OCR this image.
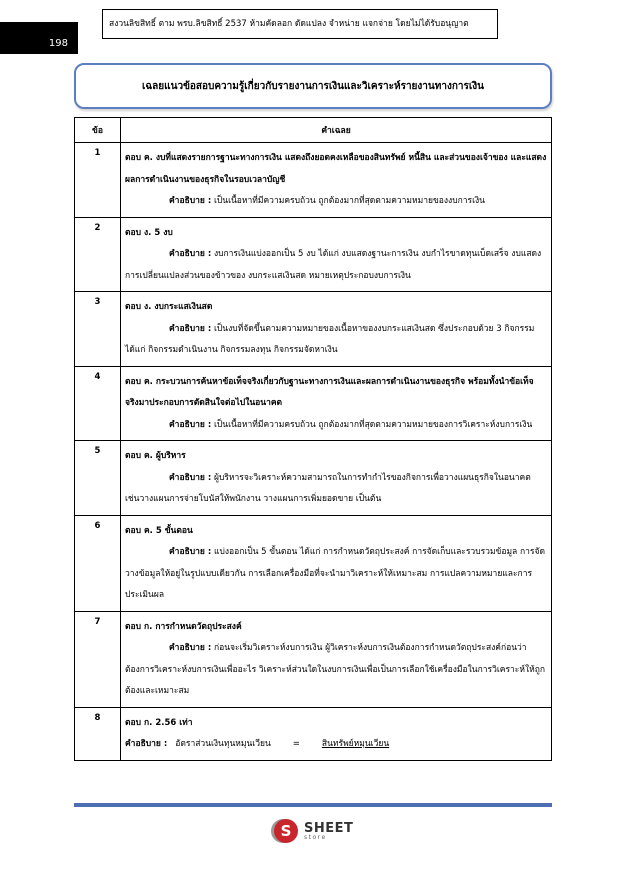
198
สงวนลิขสิทธิ์ ตาม พรบ.ลิขสิทธิ์ 2537 ห้ามคัดลอก ดัดแปลง จำหน่าย แจกจ่าย โดยไม่ได้รับอนุญาต
เฉลยแนวข้อสอบความรู้เกี่ยวกับรายงานการเงินและวิเคราะห์รายงานทางการเงิน
ข้อ	คำเฉลย
1	ตอบ ค. งบที่แสดงรายการฐานะทางการเงิน แสดงถึงยอดคงเหลือของสินทรัพย์ หนี้สิน และส่วนของเจ้าของ และแสดงผลการดำเนินงานของธุรกิจในรอบเวลาบัญชี
คำอธิบาย : เป็นเนื้อหาที่มีความครบถ้วน ถูกต้องมากที่สุดตามความหมายของงบการเงิน

2	ตอบ ง. 5 งบ
คำอธิบาย : งบการเงินแบ่งออกเป็น 5 งบ ได้แก่ งบแสดงฐานะการเงิน งบกำไรขาดทุนเบ็ดเสร็จ งบแสดงการเปลี่ยนแปลงส่วนของข้าวของ งบกระแสเงินสด หมายเหตุประกอบงบการเงิน

3	ตอบ ง. งบกระแสเงินสด
คำอธิบาย : เป็นงบที่จัดขึ้นตามความหมายของเนื้อหาของงบกระแสเงินสด ซึ่งประกอบด้วย 3 กิจกรรมได้แก่ กิจกรรมดำเนินงาน กิจกรรมลงทุน กิจกรรมจัดหาเงิน

4	ตอบ ค. กระบวนการค้นหาข้อเท็จจริงเกี่ยวกับฐานะทางการเงินและผลการดำเนินงานของธุรกิจ พร้อมทั้งนำข้อเท็จจริงมาประกอบการตัดสินใจต่อไปในอนาคต
คำอธิบาย : เป็นเนื้อหาที่มีความครบถ้วน ถูกต้องมากที่สุดตามความหมายของการวิเคราะห์งบการเงิน

5	ตอบ ค. ผู้บริหาร
คำอธิบาย : ผู้บริหารจะวิเคราะห์ความสามารถในการทำกำไรของกิจการเพื่อวางแผนธุรกิจในอนาคต เช่นวางแผนการจ่ายโบนัสให้พนักงาน วางแผนการเพิ่มยอดขาย เป็นต้น

6	ตอบ ค. 5 ขั้นตอน
คำอธิบาย : แบ่งออกเป็น 5 ขั้นตอน ได้แก่ การกำหนดวัตถุประสงค์ การจัดเก็บและรวบรวมข้อมูล การจัดวางข้อมูลให้อยู่ในรูปแบบเดียวกัน การเลือกเครื่องมือที่จะนำมาวิเคราะห์ให้เหมาะสม การแปลความหมายและการประเมินผล

7	ตอบ ก. การกำหนดวัตถุประสงค์
คำอธิบาย : ก่อนจะเริ่มวิเคราะห์งบการเงิน ผู้วิเคราะห์งบการเงินต้องการกำหนดวัตถุประสงค์ก่อนว่า ต้องการวิเคราะห์งบการเงินเพื่ออะไร วิเคราะห์ส่วนใดในงบการเงินเพื่อเป็นการเลือกใช้เครื่องมือในการวิเคราะห์ให้ถูกต้องและเหมาะสม

8	ตอบ ก. 2.56 เท่า
คำอธิบาย : อัตราส่วนเงินทุนหมุนเวียน = สินทรัพย์หมุนเวียน
S SHEET
store
